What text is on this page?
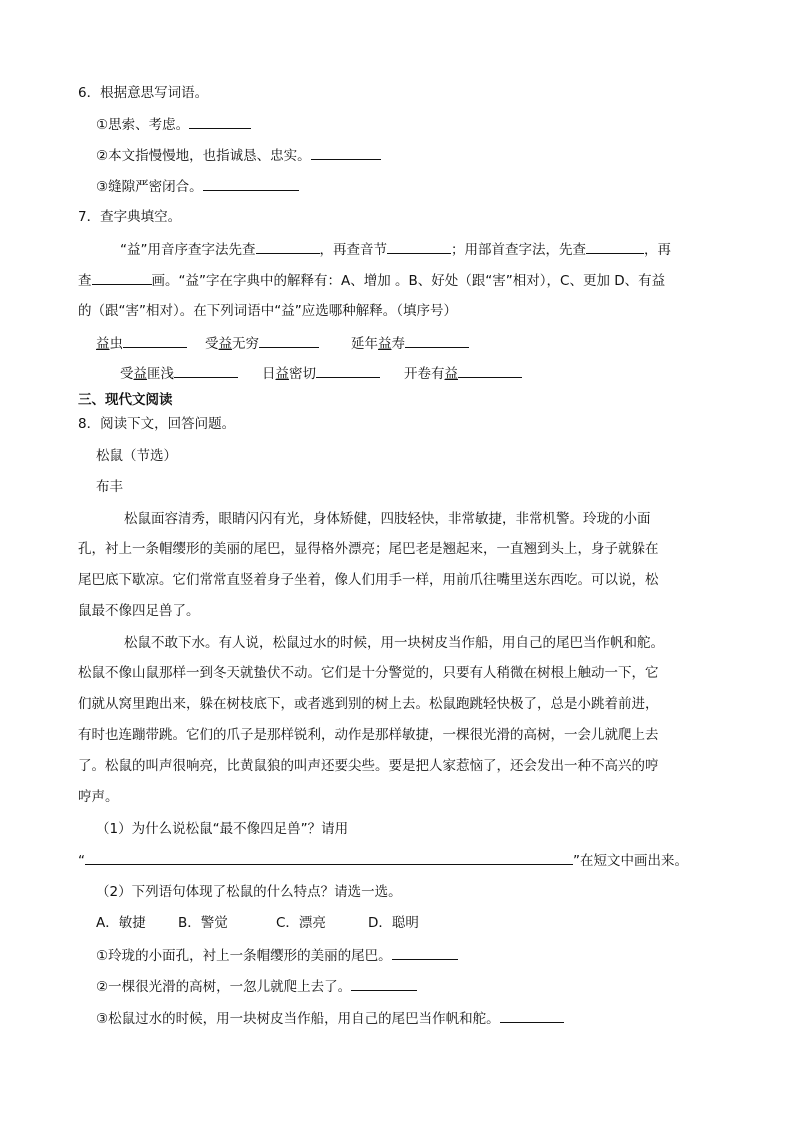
6．根据意思写词语。
①思索、考虑。
②本文指慢慢地，也指诚恳、忠实。
③缝隙严密闭合。
7．查字典填空。
“益”用音序查字法先查	，再查音节	；用部首查字法，先查	，再
查	画。“益”字在字典中的解释有：A、增加 。B、好处（跟“害”相对），C、更加 D、有益
的（跟“害”相对）。在下列词语中“益”应选哪种解释。（填序号）
益虫	受益无穷	延年益寿
受益匪浅	日益密切	开卷有益
三、现代文阅读
8．阅读下文，回答问题。
松鼠（节选）
布丰
松鼠面容清秀，眼睛闪闪有光，身体矫健，四肢轻快，非常敏捷，非常机警。玲珑的小面
孔，衬上一条帽缨形的美丽的尾巴，显得格外漂亮；尾巴老是翘起来，一直翘到头上，身子就躲在
尾巴底下歇凉。它们常常直竖着身子坐着，像人们用手一样，用前爪往嘴里送东西吃。可以说，松
鼠最不像四足兽了。
松鼠不敢下水。有人说，松鼠过水的时候，用一块树皮当作船，用自己的尾巴当作帆和舵。
松鼠不像山鼠那样一到冬天就蛰伏不动。它们是十分警觉的，只要有人稍微在树根上触动一下，它
们就从窝里跑出来，躲在树枝底下，或者逃到别的树上去。松鼠跑跳轻快极了，总是小跳着前进，
有时也连蹦带跳。它们的爪子是那样锐利，动作是那样敏捷，一棵很光滑的高树，一会儿就爬上去
了。松鼠的叫声很响亮，比黄鼠狼的叫声还要尖些。要是把人家惹恼了，还会发出一种不高兴的哼
哼声。
（1）为什么说松鼠“最不像四足兽”？请用
“	”在短文中画出来。
（2）下列语句体现了松鼠的什么特点？请选一选。
A．敏捷 B．警觉	C．漂亮	D．聪明
①玲珑的小面孔，衬上一条帽缨形的美丽的尾巴。
②一棵很光滑的高树，一忽儿就爬上去了。
③松鼠过水的时候，用一块树皮当作船，用自己的尾巴当作帆和舵。
